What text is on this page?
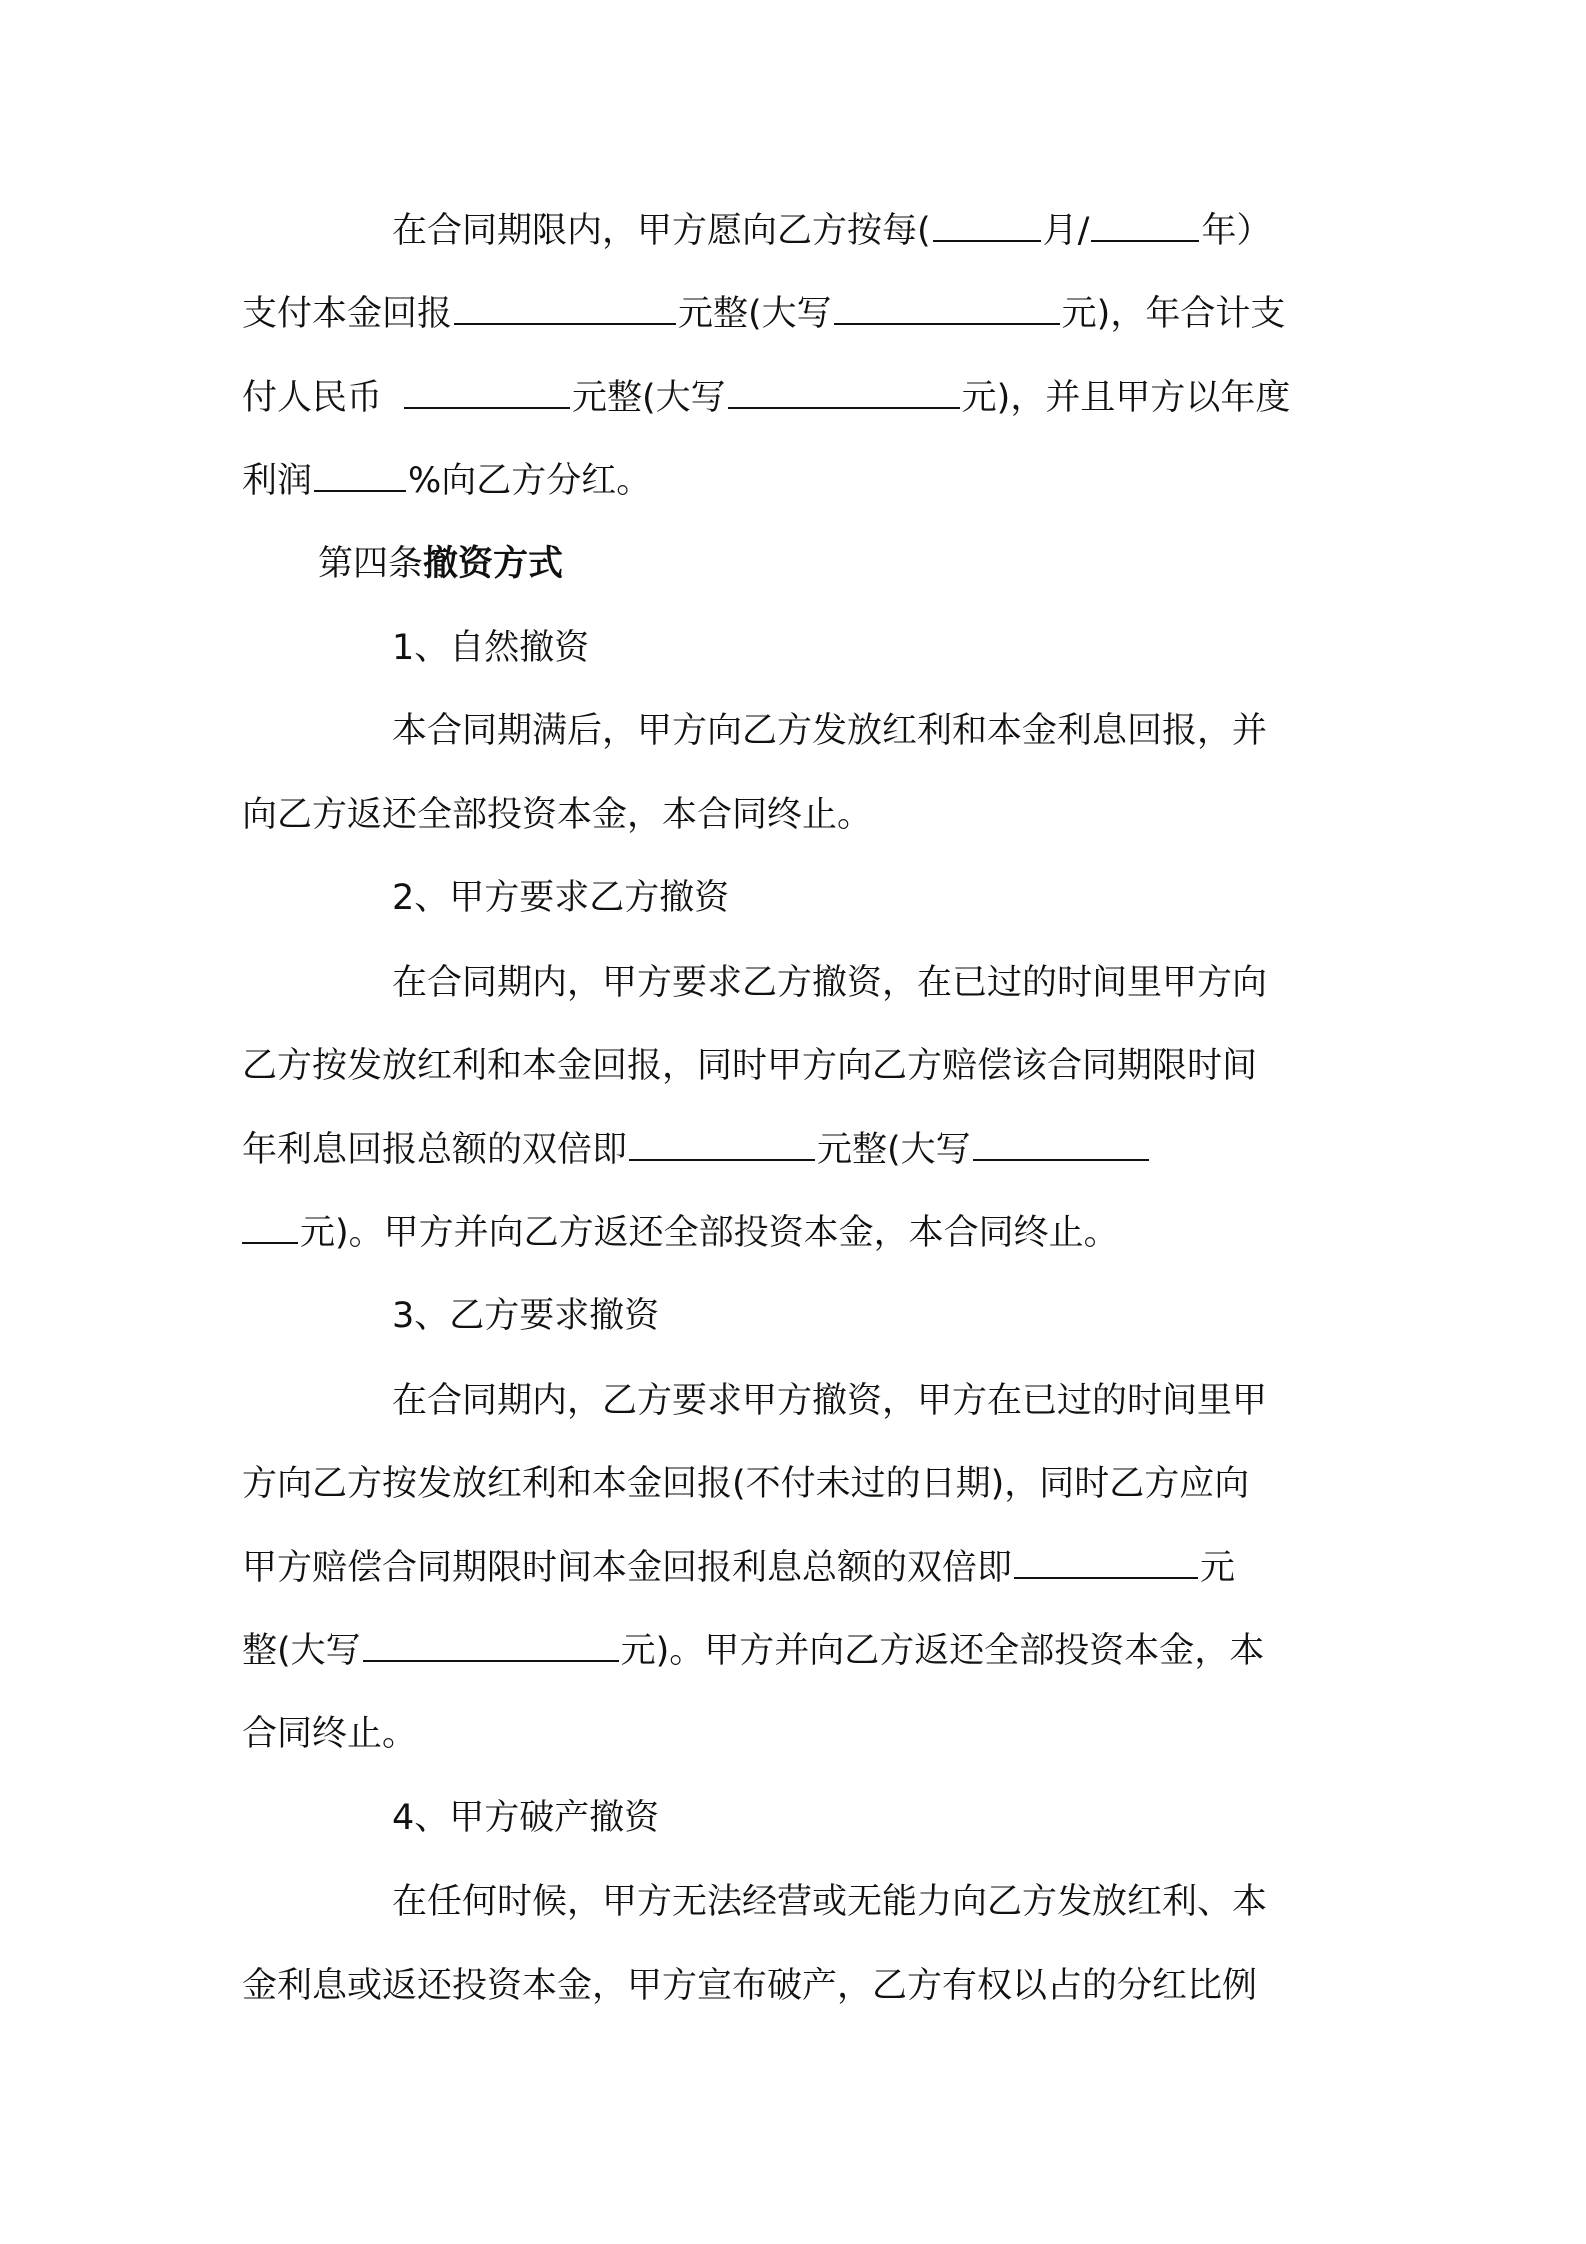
在合同期限内，甲方愿向乙方按每(	月/	年）
支付本金回报	元整(大写	元)，年合计支
付人民币	元整(大写	元)，并且甲方以年度
利润	%向乙方分红。
第四条撤资方式
1、自然撤资
本合同期满后，甲方向乙方发放红利和本金利息回报，并
向乙方返还全部投资本金，本合同终止。
2、甲方要求乙方撤资
在合同期内，甲方要求乙方撤资，在已过的时间里甲方向
乙方按发放红利和本金回报，同时甲方向乙方赔偿该合同期限时间
年利息回报总额的双倍即	元整(大写
元)。甲方并向乙方返还全部投资本金，本合同终止。
3、乙方要求撤资
在合同期内，乙方要求甲方撤资，甲方在已过的时间里甲
方向乙方按发放红利和本金回报(不付未过的日期)，同时乙方应向
甲方赔偿合同期限时间本金回报利息总额的双倍即	元
整(大写	元)。甲方并向乙方返还全部投资本金，本
合同终止。
4、甲方破产撤资
在任何时候，甲方无法经营或无能力向乙方发放红利、本
金利息或返还投资本金，甲方宣布破产，乙方有权以占的分红比例
